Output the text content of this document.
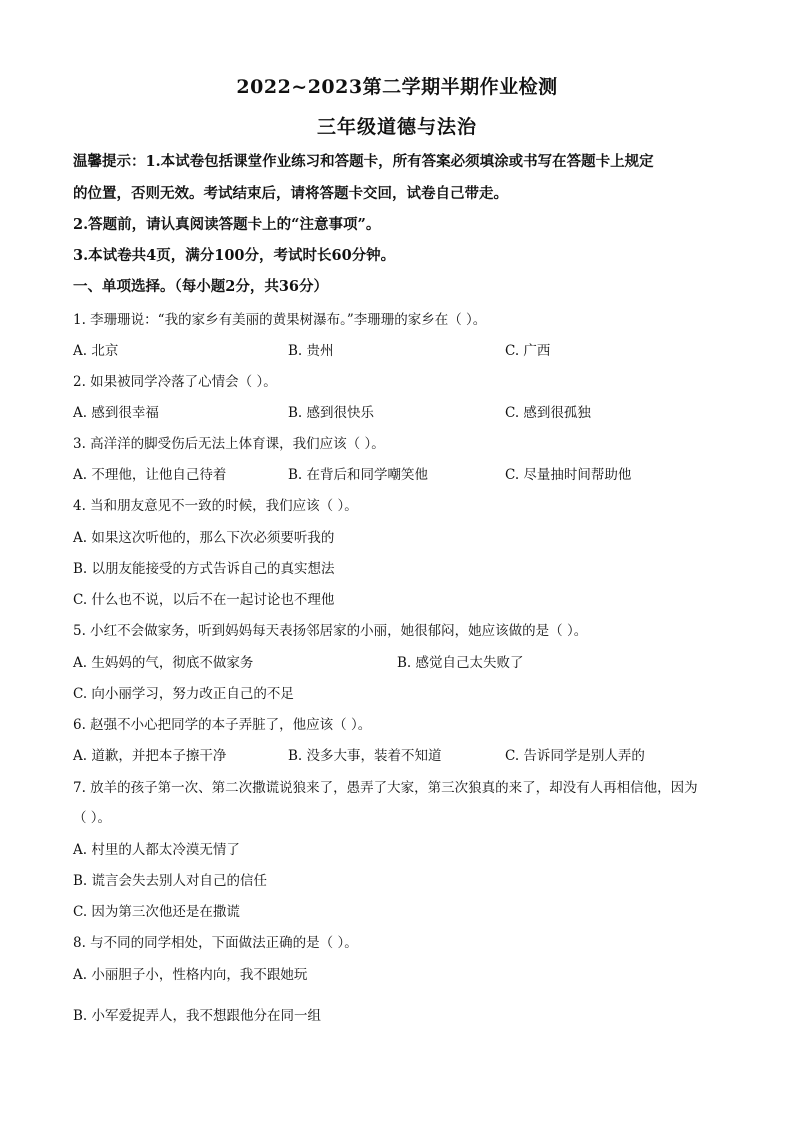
2022~2023第二学期半期作业检测
三年级道德与法治
温馨提示：1.本试卷包括课堂作业练习和答题卡，所有答案必须填涂或书写在答题卡上规定
的位置，否则无效。考试结束后，请将答题卡交回，试卷自己带走。
2.答题前，请认真阅读答题卡上的“注意事项”。
3.本试卷共4页，满分100分，考试时长60分钟。
一、单项选择。（每小题2分，共36分）
1. 李珊珊说：“我的家乡有美丽的黄果树瀑布。”李珊珊的家乡在（ ）。
A. 北京	B. 贵州	C. 广西
2. 如果被同学冷落了心情会（ ）。
A. 感到很幸福	B. 感到很快乐	C. 感到很孤独
3. 高洋洋的脚受伤后无法上体育课，我们应该（ ）。
A. 不理他，让他自己待着	B. 在背后和同学嘲笑他	C. 尽量抽时间帮助他
4. 当和朋友意见不一致的时候，我们应该（ ）。
A. 如果这次听他的，那么下次必须要听我的
B. 以朋友能接受的方式告诉自己的真实想法
C. 什么也不说，以后不在一起讨论也不理他
5. 小红不会做家务，听到妈妈每天表扬邻居家的小丽，她很郁闷，她应该做的是（ ）。
A. 生妈妈的气，彻底不做家务	B. 感觉自己太失败了
C. 向小丽学习，努力改正自己的不足
6. 赵强不小心把同学的本子弄脏了，他应该（ ）。
A. 道歉，并把本子擦干净	B. 没多大事，装着不知道	C. 告诉同学是别人弄的
7. 放羊的孩子第一次、第二次撒谎说狼来了，愚弄了大家，第三次狼真的来了，却没有人再相信他，因为
（ ）。
A. 村里的人都太冷漠无情了
B. 谎言会失去别人对自己的信任
C. 因为第三次他还是在撒谎
8. 与不同的同学相处，下面做法正确的是（ ）。
A. 小丽胆子小，性格内向，我不跟她玩
B. 小军爱捉弄人，我不想跟他分在同一组
